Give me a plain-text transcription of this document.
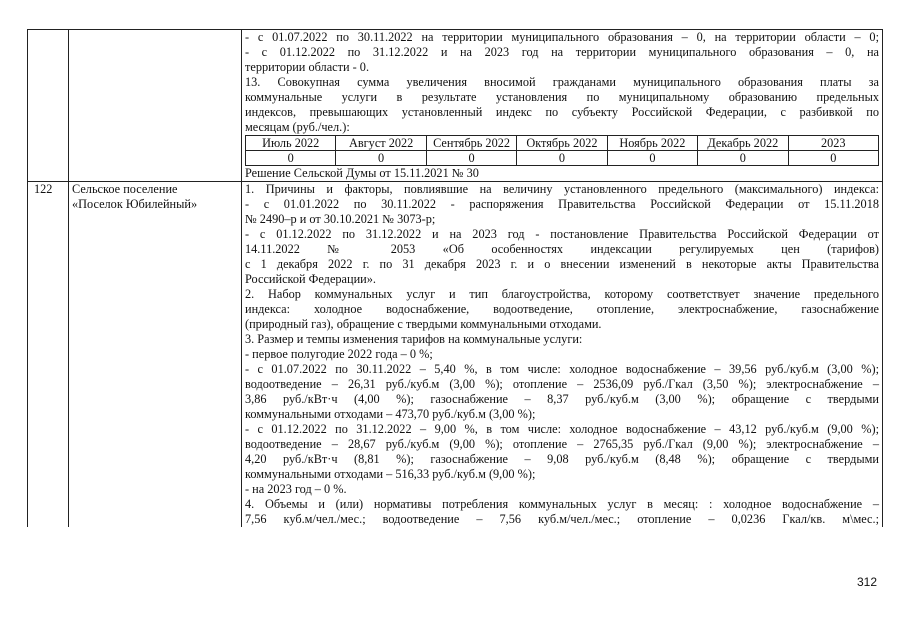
- с 01.07.2022 по 30.11.2022 на территории муниципального образования – 0, на территории области – 0;
- с 01.12.2022 по 31.12.2022 и на 2023 год на территории муниципального образования – 0, на
территории области - 0.
13. Совокупная сумма увеличения вносимой гражданами муниципального образования платы за
коммунальные услуги в результате установления по муниципальному образованию предельных
индексов, превышающих установленный индекс по субъекту Российской Федерации, с разбивкой по
месяцам (руб./чел.):
Июль 2022	Август 2022	Сентябрь 2022	Октябрь 2022	Ноябрь 2022	Декабрь 2022	2023
0	0	0	0	0	0	0
Решение Сельской Думы от 15.11.2021 № 30

122	Сельское поселение
«Поселок Юбилейный»

1. Причины и факторы, повлиявшие на величину установленного предельного (максимального) индекса:
- с 01.01.2022 по 30.11.2022 - распоряжения Правительства Российской Федерации от 15.11.2018
№ 2490–р и от 30.10.2021 № 3073-р;
- с 01.12.2022 по 31.12.2022 и на 2023 год - постановление Правительства Российской Федерации от
14.11.2022 № 2053 «Об особенностях индексации регулируемых цен (тарифов)
с 1 декабря 2022 г. по 31 декабря 2023 г. и о внесении изменений в некоторые акты Правительства
Российской Федерации».
2. Набор коммунальных услуг и тип благоустройства, которому соответствует значение предельного
индекса: холодное водоснабжение, водоотведение, отопление, электроснабжение, газоснабжение
(природный газ), обращение с твердыми коммунальными отходами.
3. Размер и темпы изменения тарифов на коммунальные услуги:
- первое полугодие 2022 года – 0 %;
- с 01.07.2022 по 30.11.2022 – 5,40 %, в том числе: холодное водоснабжение – 39,56 руб./куб.м (3,00 %);
водоотведение – 26,31 руб./куб.м (3,00 %); отопление – 2536,09 руб./Гкал (3,50 %); электроснабжение –
3,86 руб./кВт·ч (4,00 %); газоснабжение – 8,37 руб./куб.м (3,00 %); обращение с твердыми
коммунальными отходами – 473,70 руб./куб.м (3,00 %);
- с 01.12.2022 по 31.12.2022 – 9,00 %, в том числе: холодное водоснабжение – 43,12 руб./куб.м (9,00 %);
водоотведение – 28,67 руб./куб.м (9,00 %); отопление – 2765,35 руб./Гкал (9,00 %); электроснабжение –
4,20 руб./кВт·ч (8,81 %); газоснабжение – 9,08 руб./куб.м (8,48 %); обращение с твердыми
коммунальными отходами – 516,33 руб./куб.м (9,00 %);
- на 2023 год – 0 %.
4. Объемы и (или) нормативы потребления коммунальных услуг в месяц: : холодное водоснабжение –
7,56 куб.м/чел./мес.; водоотведение – 7,56 куб.м/чел./мес.; отопление – 0,0236 Гкал/кв. м\мес.;
312
